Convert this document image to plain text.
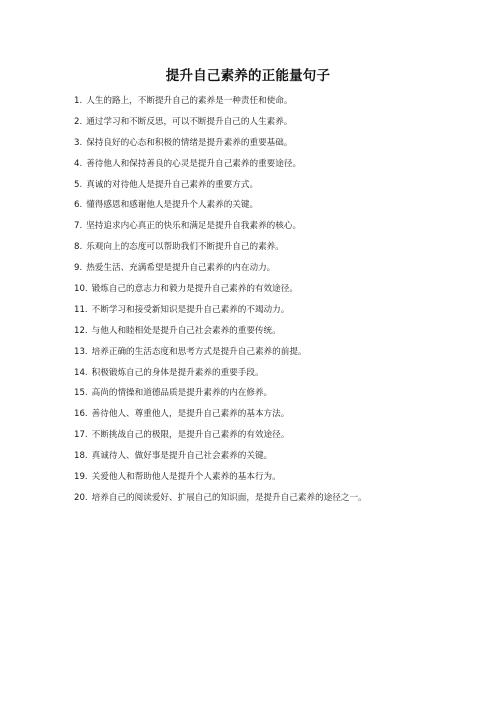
提升自己素养的正能量句子
1. 人生的路上，不断提升自己的素养是一种责任和使命。
2. 通过学习和不断反思，可以不断提升自己的人生素养。
3. 保持良好的心态和积极的情绪是提升素养的重要基础。
4. 善待他人和保持善良的心灵是提升自己素养的重要途径。
5. 真诚的对待他人是提升自己素养的重要方式。
6. 懂得感恩和感谢他人是提升个人素养的关键。
7. 坚持追求内心真正的快乐和满足是提升自我素养的核心。
8. 乐观向上的态度可以帮助我们不断提升自己的素养。
9. 热爱生活、充满希望是提升自己素养的内在动力。
10. 锻炼自己的意志力和毅力是提升自己素养的有效途径。
11. 不断学习和接受新知识是提升自己素养的不竭动力。
12. 与他人和睦相处是提升自己社会素养的重要传统。
13. 培养正确的生活态度和思考方式是提升自己素养的前提。
14. 积极锻炼自己的身体是提升素养的重要手段。
15. 高尚的情操和道德品质是提升素养的内在修养。
16. 善待他人、尊重他人，是提升自己素养的基本方法。
17. 不断挑战自己的极限，是提升自己素养的有效途径。
18. 真诚待人、做好事是提升自己社会素养的关键。
19. 关爱他人和帮助他人是提升个人素养的基本行为。
20. 培养自己的阅读爱好、扩展自己的知识面，是提升自己素养的途径之一。
